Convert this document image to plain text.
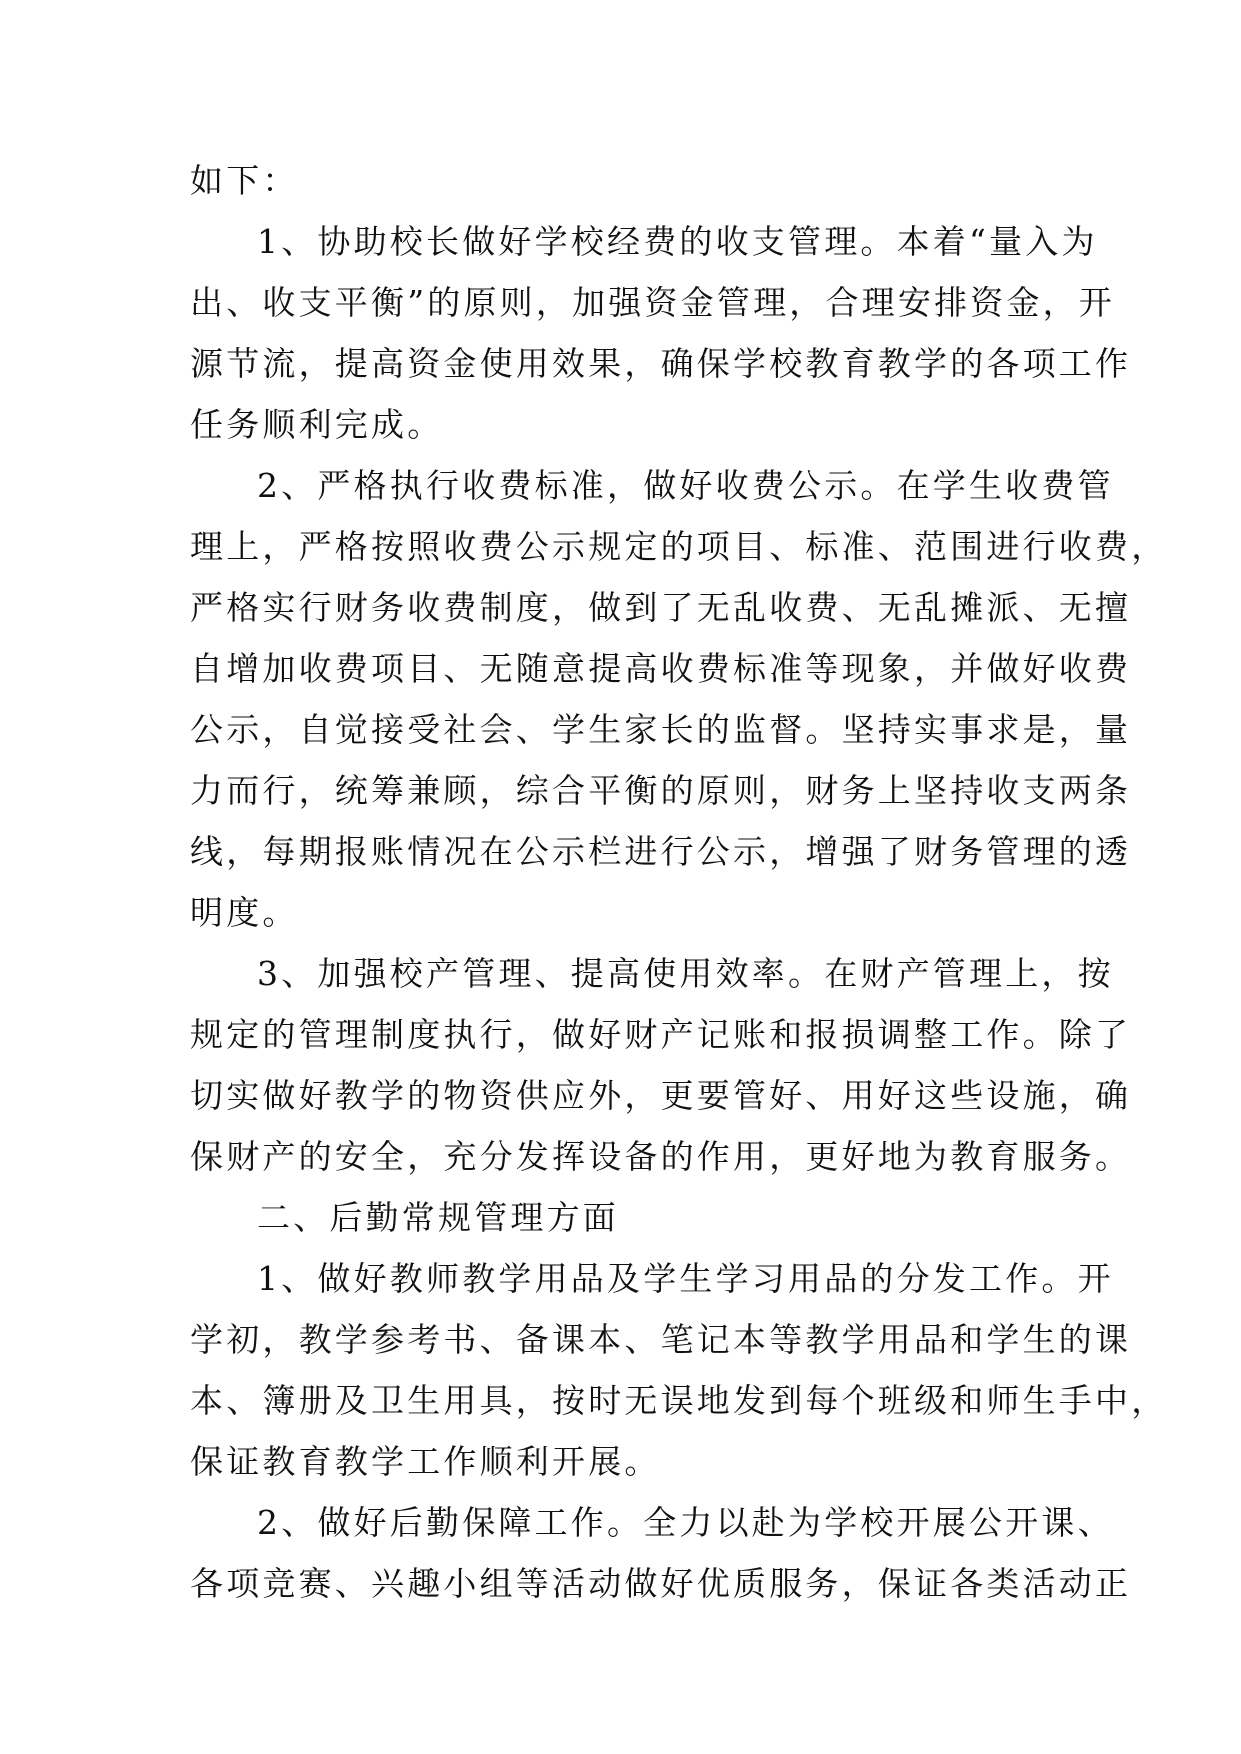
如下：
1、协助校长做好学校经费的收支管理。本着“量入为
出、收支平衡”的原则，加强资金管理，合理安排资金，开
源节流，提高资金使用效果，确保学校教育教学的各项工作
任务顺利完成。
2、严格执行收费标准，做好收费公示。在学生收费管
理上，严格按照收费公示规定的项目、标准、范围进行收费，
严格实行财务收费制度，做到了无乱收费、无乱摊派、无擅
自增加收费项目、无随意提高收费标准等现象，并做好收费
公示，自觉接受社会、学生家长的监督。坚持实事求是，量
力而行，统筹兼顾，综合平衡的原则，财务上坚持收支两条
线，每期报账情况在公示栏进行公示，增强了财务管理的透
明度。
3、加强校产管理、提高使用效率。在财产管理上，按
规定的管理制度执行，做好财产记账和报损调整工作。除了
切实做好教学的物资供应外，更要管好、用好这些设施，确
保财产的安全，充分发挥设备的作用，更好地为教育服务。
二、后勤常规管理方面
1、做好教师教学用品及学生学习用品的分发工作。开
学初，教学参考书、备课本、笔记本等教学用品和学生的课
本、簿册及卫生用具，按时无误地发到每个班级和师生手中，
保证教育教学工作顺利开展。
2、做好后勤保障工作。全力以赴为学校开展公开课、
各项竞赛、兴趣小组等活动做好优质服务，保证各类活动正
